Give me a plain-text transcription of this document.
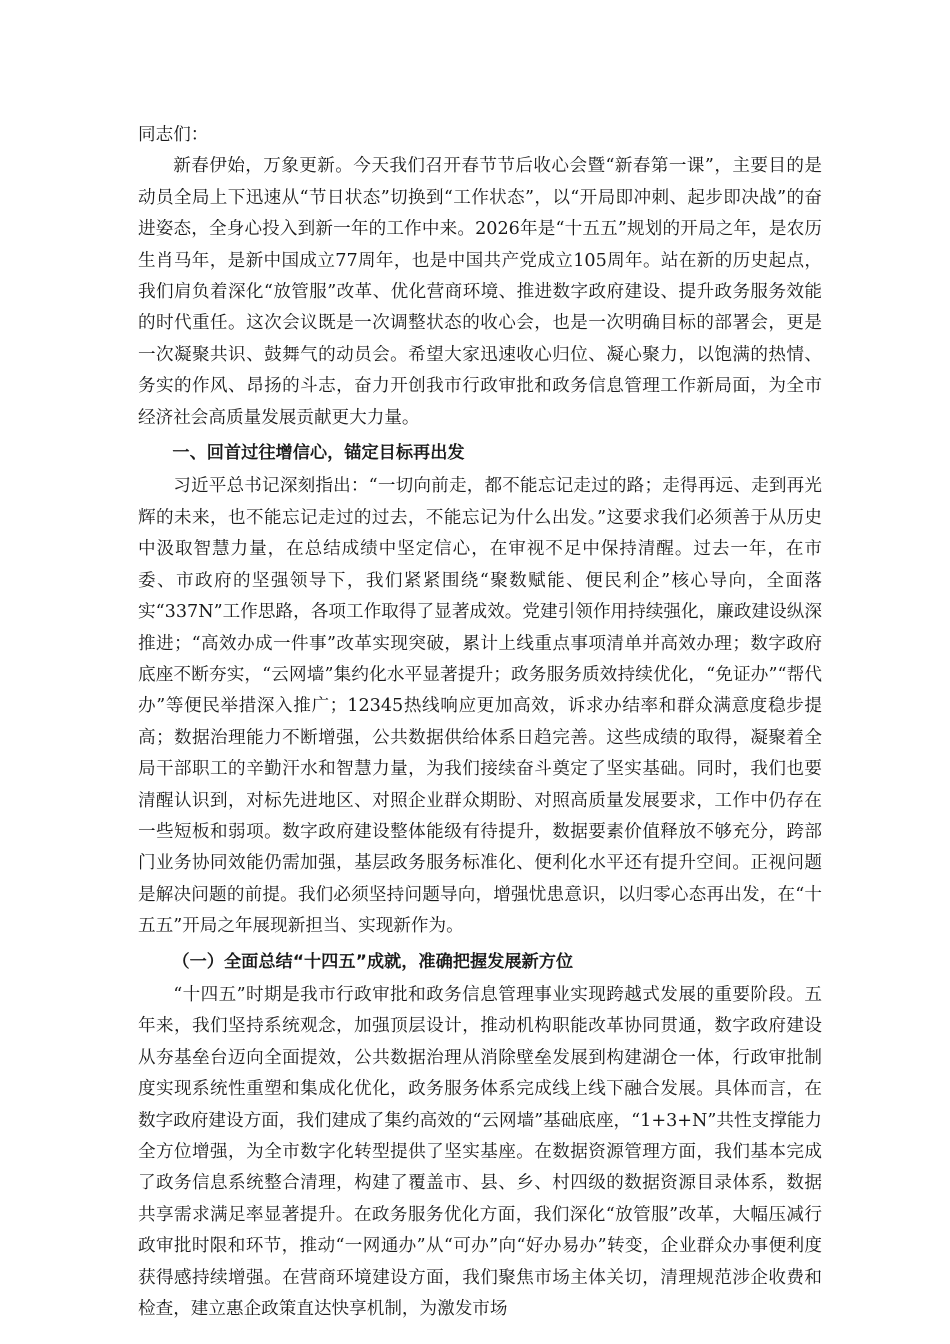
同志们：

新春伊始，万象更新。今天我们召开春节节后收心会暨“新春第一课”，主要目的是动员全局上下迅速从“节日状态”切换到“工作状态”，以“开局即冲刺、起步即决战”的奋进姿态，全身心投入到新一年的工作中来。2026年是“十五五”规划的开局之年，是农历生肖马年，是新中国成立77周年，也是中国共产党成立105周年。站在新的历史起点，我们肩负着深化“放管服”改革、优化营商环境、推进数字政府建设、提升政务服务效能的时代重任。这次会议既是一次调整状态的收心会，也是一次明确目标的部署会，更是一次凝聚共识、鼓舞气的动员会。希望大家迅速收心归位、凝心聚力，以饱满的热情、务实的作风、昂扬的斗志，奋力开创我市行政审批和政务信息管理工作新局面，为全市经济社会高质量发展贡献更大力量。

一、回首过往增信心，锚定目标再出发

习近平总书记深刻指出：“一切向前走，都不能忘记走过的路；走得再远、走到再光辉的未来，也不能忘记走过的过去，不能忘记为什么出发。”这要求我们必须善于从历史中汲取智慧力量，在总结成绩中坚定信心，在审视不足中保持清醒。过去一年，在市委、市政府的坚强领导下，我们紧紧围绕“聚数赋能、便民利企”核心导向，全面落实“337N”工作思路，各项工作取得了显著成效。党建引领作用持续强化，廉政建设纵深推进；“高效办成一件事”改革实现突破，累计上线重点事项清单并高效办理；数字政府底座不断夯实，“云网墙”集约化水平显著提升；政务服务质效持续优化，“免证办”“帮代办”等便民举措深入推广；12345热线响应更加高效，诉求办结率和群众满意度稳步提高；数据治理能力不断增强，公共数据供给体系日趋完善。这些成绩的取得，凝聚着全局干部职工的辛勤汗水和智慧力量，为我们接续奋斗奠定了坚实基础。同时，我们也要清醒认识到，对标先进地区、对照企业群众期盼、对照高质量发展要求，工作中仍存在一些短板和弱项。数字政府建设整体能级有待提升，数据要素价值释放不够充分，跨部门业务协同效能仍需加强，基层政务服务标准化、便利化水平还有提升空间。正视问题是解决问题的前提。我们必须坚持问题导向，增强忧患意识，以归零心态再出发，在“十五五”开局之年展现新担当、实现新作为。

（一）全面总结“十四五”成就，准确把握发展新方位

“十四五”时期是我市行政审批和政务信息管理事业实现跨越式发展的重要阶段。五年来，我们坚持系统观念，加强顶层设计，推动机构职能改革协同贯通，数字政府建设从夯基垒台迈向全面提效，公共数据治理从消除壁垒发展到构建湖仓一体，行政审批制度实现系统性重塑和集成化优化，政务服务体系完成线上线下融合发展。具体而言，在数字政府建设方面，我们建成了集约高效的“云网墙”基础底座，“1+3+N”共性支撑能力全方位增强，为全市数字化转型提供了坚实基座。在数据资源管理方面，我们基本完成了政务信息系统整合清理，构建了覆盖市、县、乡、村四级的数据资源目录体系，数据共享需求满足率显著提升。在政务服务优化方面，我们深化“放管服”改革，大幅压减行政审批时限和环节，推动“一网通办”从“可办”向“好办易办”转变，企业群众办事便利度获得感持续增强。在营商环境建设方面，我们聚焦市场主体关切，清理规范涉企收费和检查，建立惠企政策直达快享机制，为激发市场
